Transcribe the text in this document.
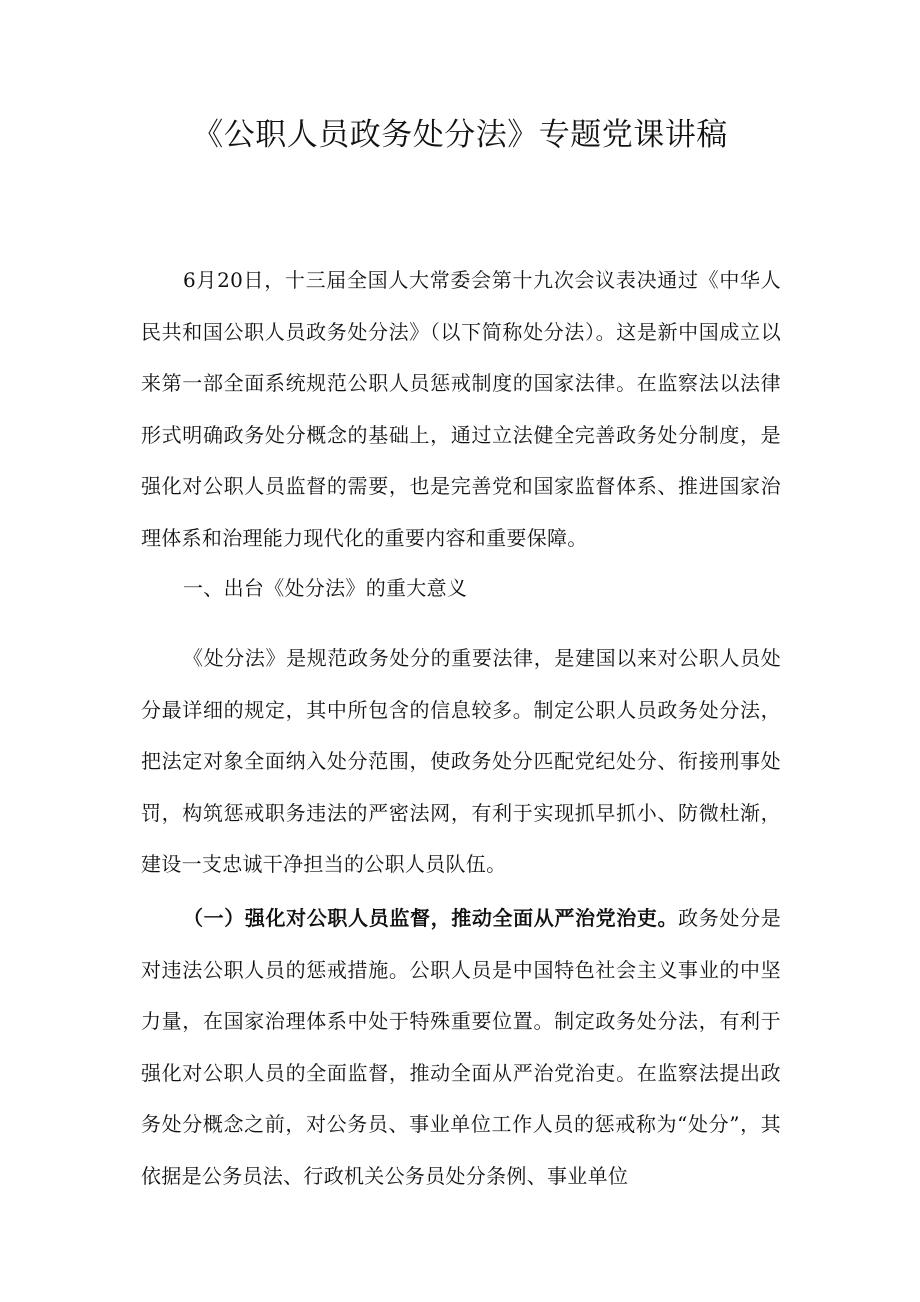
《公职人员政务处分法》专题党课讲稿

6月20日，十三届全国人大常委会第十九次会议表决通过《中华人民共和国公职人员政务处分法》（以下简称处分法）。这是新中国成立以来第一部全面系统规范公职人员惩戒制度的国家法律。在监察法以法律形式明确政务处分概念的基础上，通过立法健全完善政务处分制度，是强化对公职人员监督的需要，也是完善党和国家监督体系、推进国家治理体系和治理能力现代化的重要内容和重要保障。

一、出台《处分法》的重大意义

《处分法》是规范政务处分的重要法律，是建国以来对公职人员处分最详细的规定，其中所包含的信息较多。制定公职人员政务处分法，把法定对象全面纳入处分范围，使政务处分匹配党纪处分、衔接刑事处罚，构筑惩戒职务违法的严密法网，有利于实现抓早抓小、防微杜渐，建设一支忠诚干净担当的公职人员队伍。

（一）强化对公职人员监督，推动全面从严治党治吏。政务处分是对违法公职人员的惩戒措施。公职人员是中国特色社会主义事业的中坚力量，在国家治理体系中处于特殊重要位置。制定政务处分法，有利于强化对公职人员的全面监督，推动全面从严治党治吏。在监察法提出政务处分概念之前，对公务员、事业单位工作人员的惩戒称为“处分”，其依据是公务员法、行政机关公务员处分条例、事业单位
